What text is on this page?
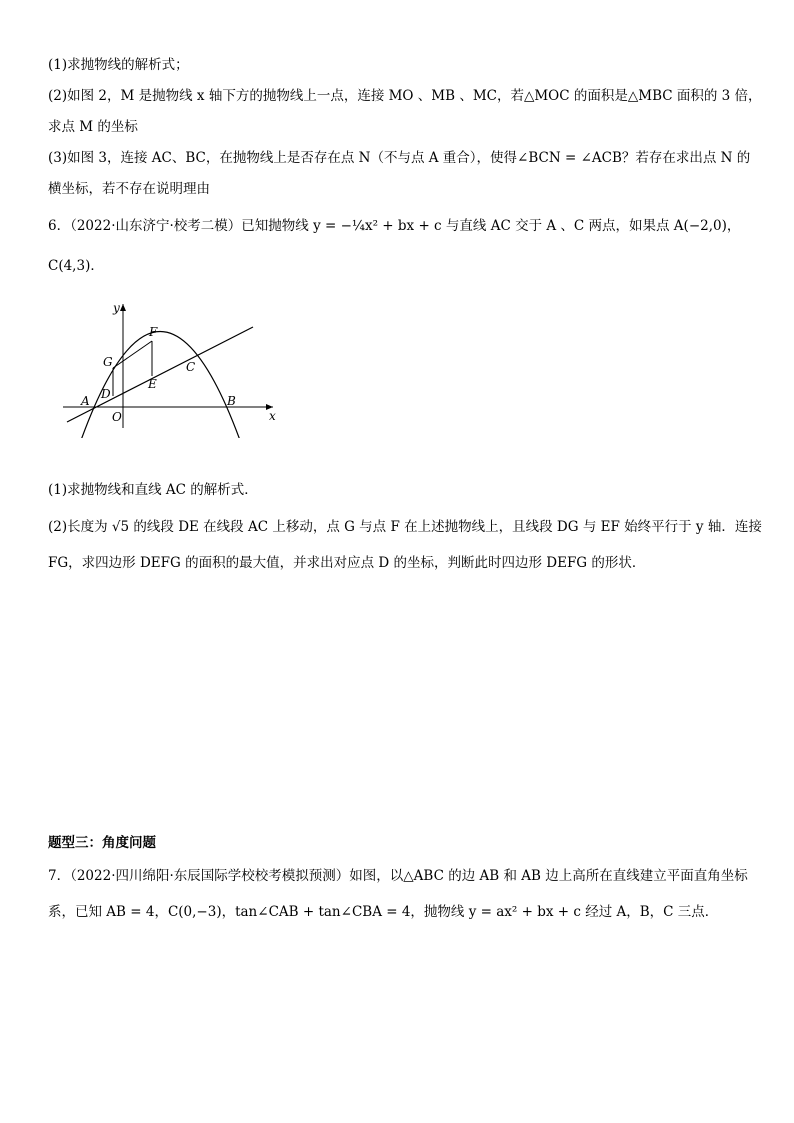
(1)求抛物线的解析式；
(2)如图 2，M 是抛物线 x 轴下方的抛物线上一点，连接 MO 、MB 、MC，若△MOC 的面积是△MBC 面积的 3 倍，
求点 M 的坐标
(3)如图 3，连接 AC、BC，在抛物线上是否存在点 N（不与点 A 重合），使得∠BCN = ∠ACB？若存在求出点 N 的
横坐标，若不存在说明理由
6．（2022·山东济宁·校考二模）已知抛物线 y = −¼x² + bx + c 与直线 AC 交于 A 、C 两点，如果点 A(−2,0)，
C(4,3)．
y
x
O
A	B
C
D
E
F
G
(1)求抛物线和直线 AC 的解析式．
(2)长度为 √5 的线段 DE 在线段 AC 上移动，点 G 与点 F 在上述抛物线上，且线段 DG 与 EF 始终平行于 y 轴．连接
FG，求四边形 DEFG 的面积的最大值，并求出对应点 D 的坐标，判断此时四边形 DEFG 的形状．
题型三：角度问题
7．（2022·四川绵阳·东辰国际学校校考模拟预测）如图，以△ABC 的边 AB 和 AB 边上高所在直线建立平面直角坐标
系，已知 AB = 4，C(0,−3)，tan∠CAB + tan∠CBA = 4，抛物线 y = ax² + bx + c 经过 A，B，C 三点．
